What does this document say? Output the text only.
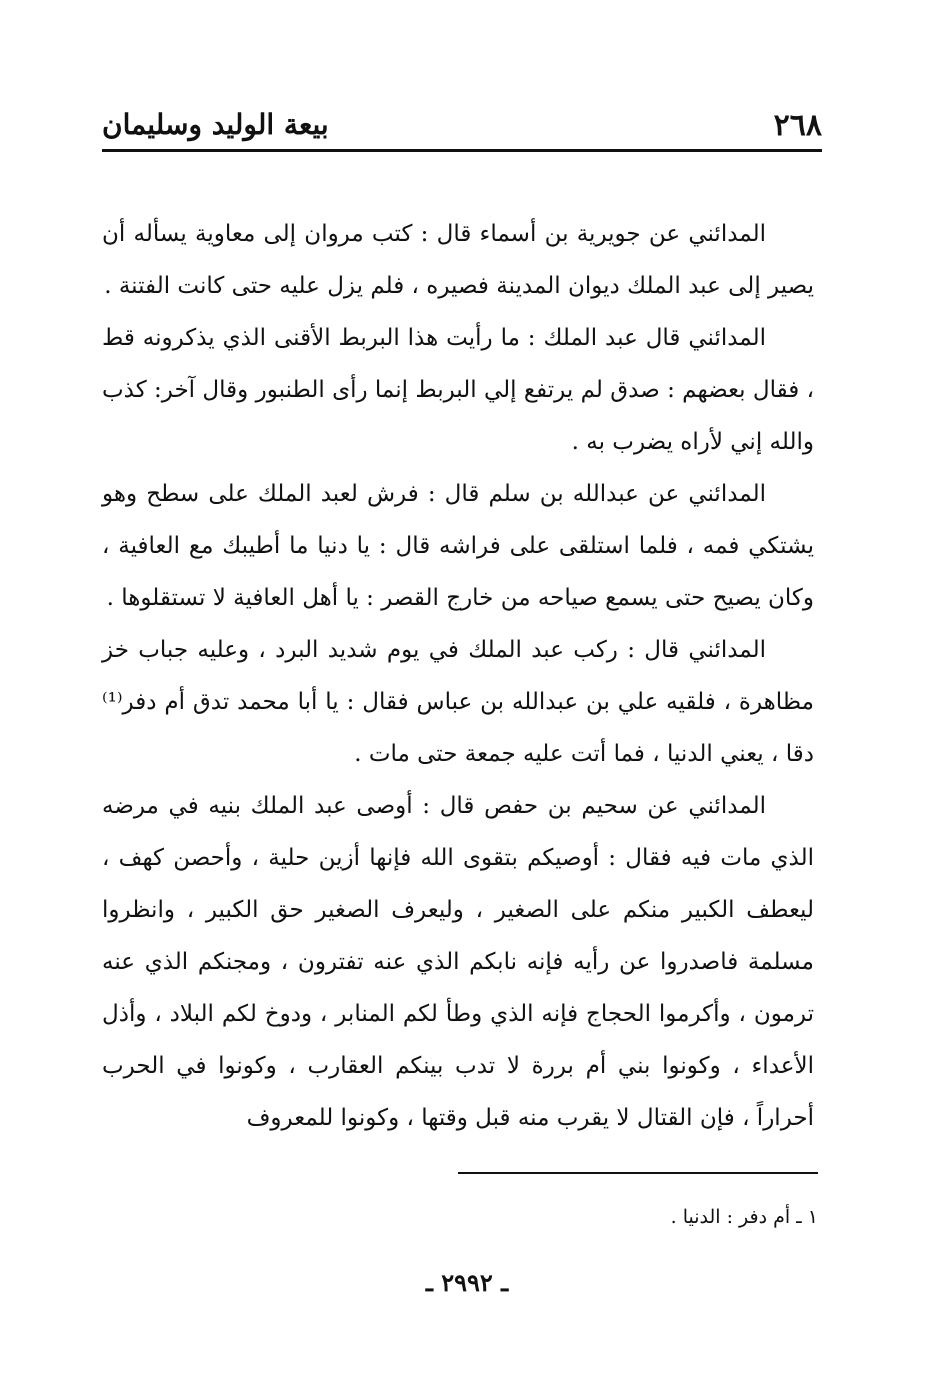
٢٦٨
بيعة الوليد وسليمان

المدائني عن جويرية بن أسماء قال : كتب مروان إلى معاوية يسأله أن يصير إلى عبد الملك ديوان المدينة فصيره ، فلم يزل عليه حتى كانت الفتنة .

المدائني قال عبد الملك : ما رأيت هذا البربط الأقنى الذي يذكرونه قط ، فقال بعضهم : صدق لم يرتفع إلي البربط إنما رأى الطنبور وقال آخر: كذب والله إني لأراه يضرب به .

المدائني عن عبدالله بن سلم قال : فرش لعبد الملك على سطح وهو يشتكي فمه ، فلما استلقى على فراشه قال : يا دنيا ما أطيبك مع العافية ، وكان يصيح حتى يسمع صياحه من خارج القصر : يا أهل العافية لا تستقلوها .

المدائني قال : ركب عبد الملك في يوم شديد البرد ، وعليه جباب خز مظاهرة ، فلقيه علي بن عبدالله بن عباس فقال : يا أبا محمد تدق أم دفر⁽¹⁾ دقا ، يعني الدنيا ، فما أتت عليه جمعة حتى مات .

المدائني عن سحيم بن حفص قال : أوصى عبد الملك بنيه في مرضه الذي مات فيه فقال : أوصيكم بتقوى الله فإنها أزين حلية ، وأحصن كهف ، ليعطف الكبير منكم على الصغير ، وليعرف الصغير حق الكبير ، وانظروا مسلمة فاصدروا عن رأيه فإنه نابكم الذي عنه تفترون ، ومجنكم الذي عنه ترمون ، وأكرموا الحجاج فإنه الذي وطأ لكم المنابر ، ودوخ لكم البلاد ، وأذل الأعداء ، وكونوا بني أم بررة لا تدب بينكم العقارب ، وكونوا في الحرب أحراراً ، فإن القتال لا يقرب منه قبل وقتها ، وكونوا للمعروف

١ ـ أم دفر : الدنيا .
ـ ٢٩٩٢ ـ
